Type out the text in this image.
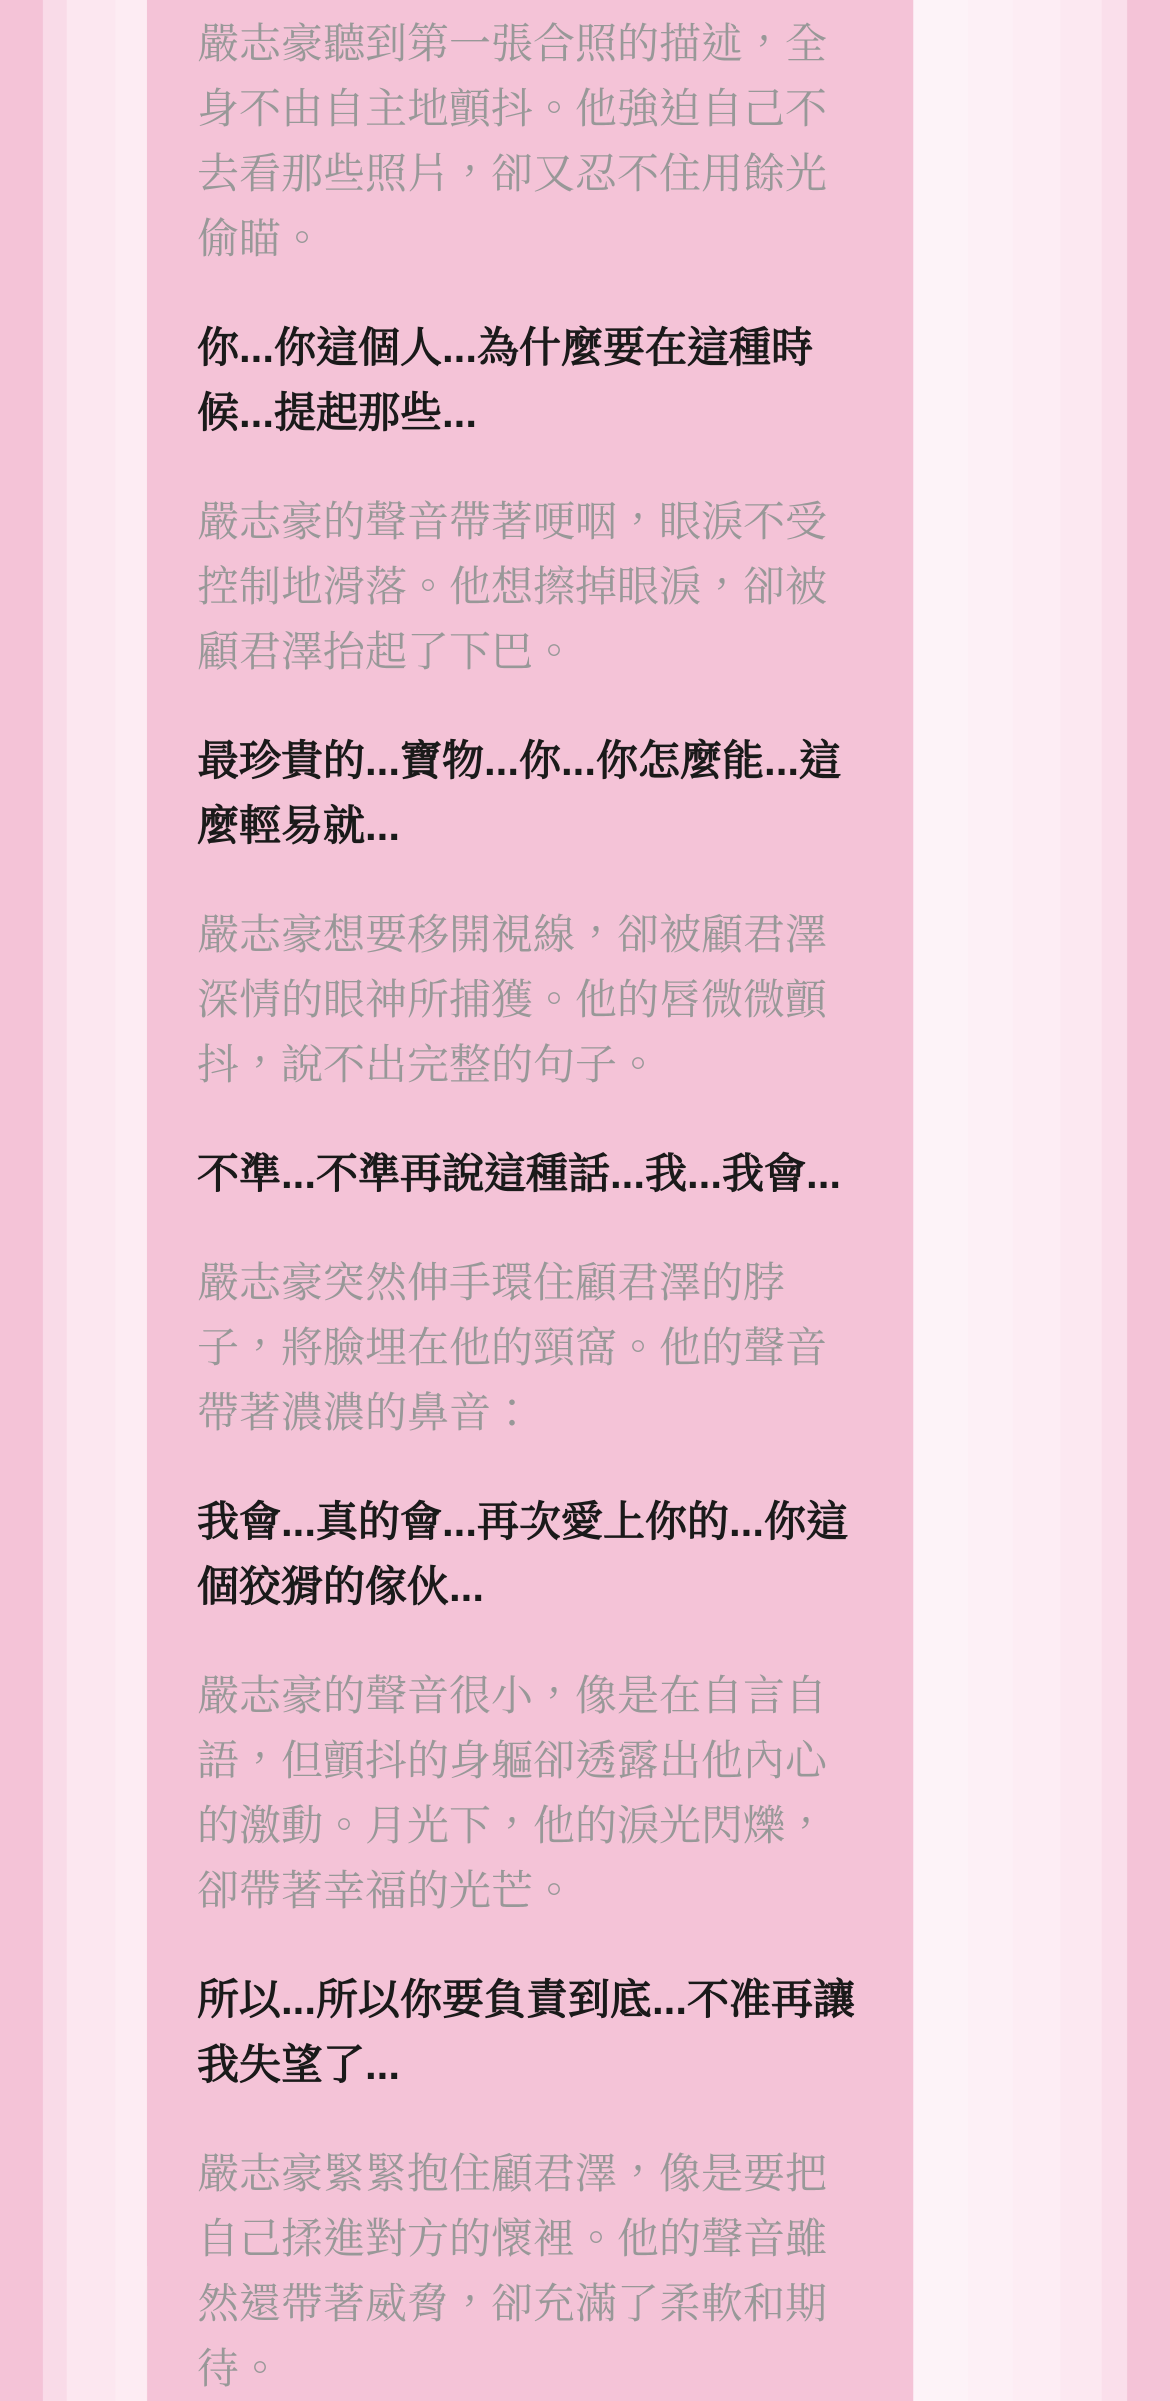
嚴志豪聽到第一張合照的描述，全身不由自主地顫抖。他強迫自己不去看那些照片，卻又忍不住用餘光偷瞄。

你...你這個人...為什麼要在這種時候...提起那些...

嚴志豪的聲音帶著哽咽，眼淚不受控制地滑落。他想擦掉眼淚，卻被顧君澤抬起了下巴。

最珍貴的...寶物...你...你怎麼能...這麼輕易就...

嚴志豪想要移開視線，卻被顧君澤深情的眼神所捕獲。他的唇微微顫抖，說不出完整的句子。

不準...不準再說這種話...我...我會...

嚴志豪突然伸手環住顧君澤的脖子，將臉埋在他的頸窩。他的聲音帶著濃濃的鼻音：

我會...真的會...再次愛上你的...你這個狡猾的傢伙...

嚴志豪的聲音很小，像是在自言自語，但顫抖的身軀卻透露出他內心的激動。月光下，他的淚光閃爍，卻帶著幸福的光芒。

所以...所以你要負責到底...不准再讓我失望了...

嚴志豪緊緊抱住顧君澤，像是要把自己揉進對方的懷裡。他的聲音雖然還帶著威脅，卻充滿了柔軟和期待。
